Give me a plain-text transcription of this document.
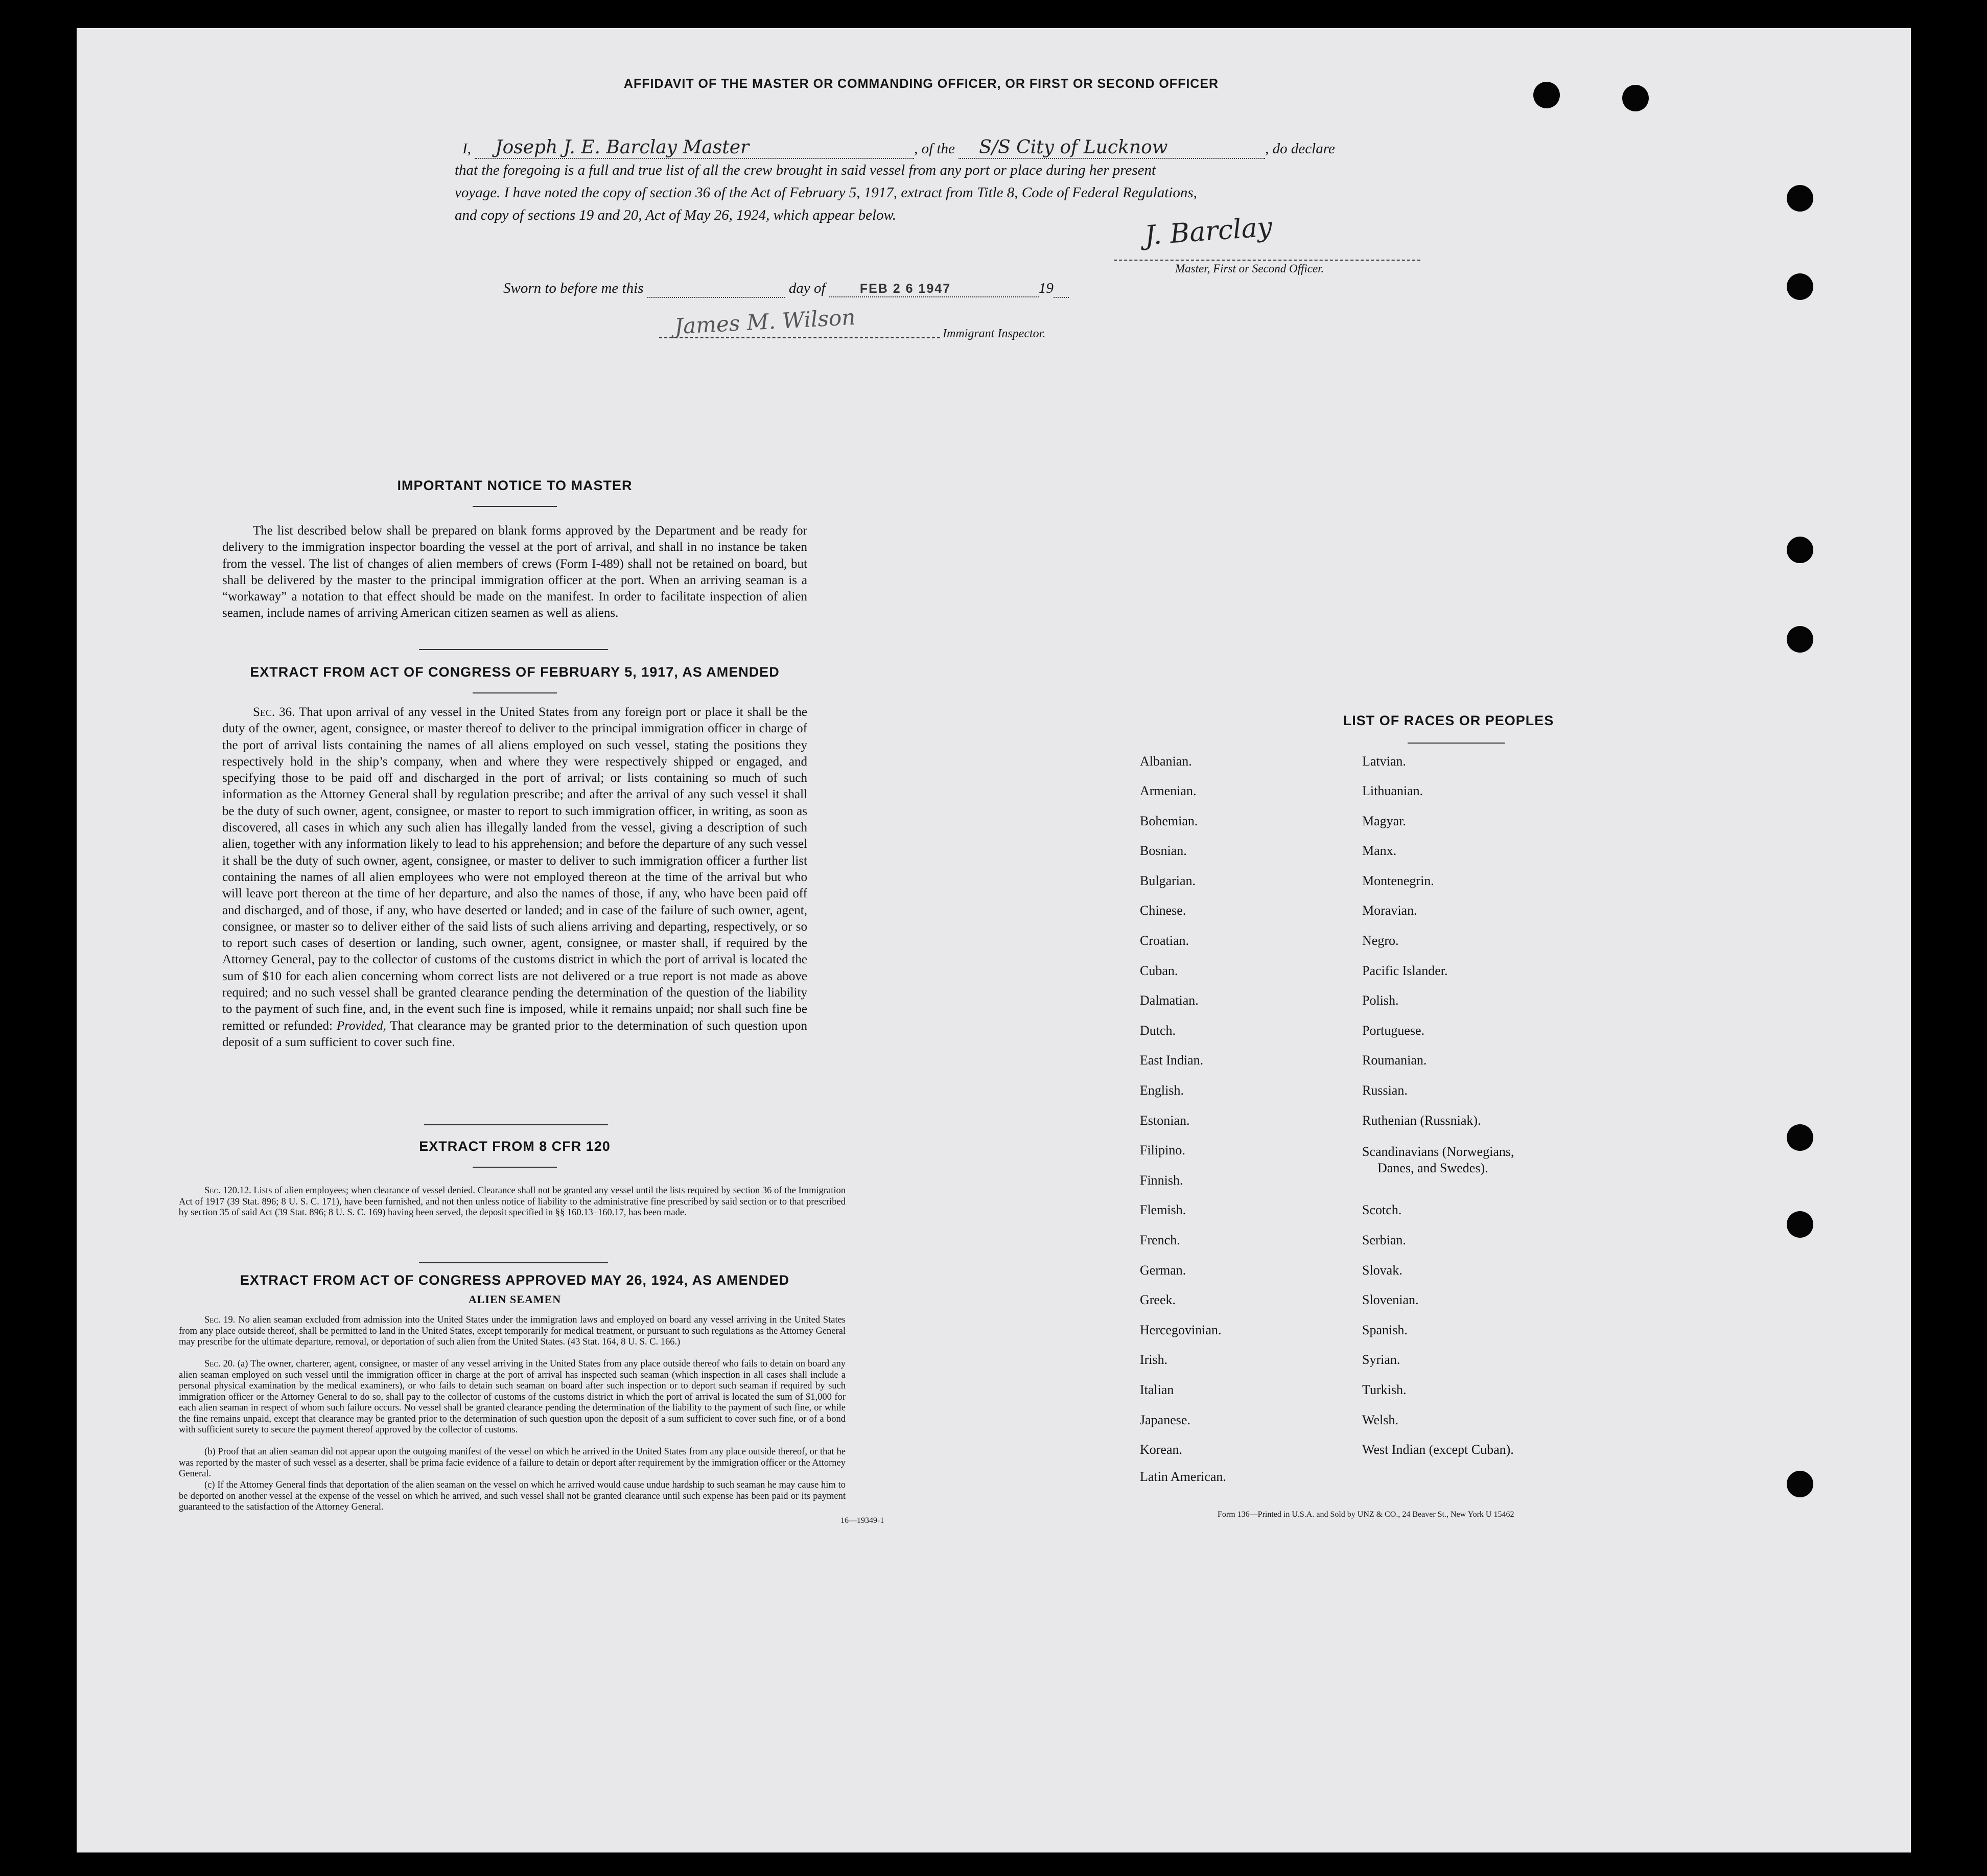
AFFIDAVIT OF THE MASTER OR COMMANDING OFFICER, OR FIRST OR SECOND OFFICER
I, Joseph J. E. Barclay Master	, of the S/S City of Lucknow	, do declare
that the foregoing is a full and true list of all the crew brought in said vessel from any port or place during her present
voyage. I have noted the copy of section 36 of the Act of February 5, 1917, extract from Title 8, Code of Federal Regulations,
and copy of sections 19 and 20, Act of May 26, 1924, which appear below.	J. Barclay
Master, First or Second Officer.
Sworn to before me this	day of	FEB 2 6 1947	19
James M. Wilson	Immigrant Inspector.
IMPORTANT NOTICE TO MASTER
The list described below shall be prepared on blank forms approved by the Department and be ready for delivery to the immigration inspector boarding the vessel at the port of arrival, and shall in no instance be taken from the vessel. The list of changes of alien members of crews (Form I-489) shall not be retained on board, but shall be delivered by the master to the principal immigration officer at the port. When an arriving seaman is a “workaway” a notation to that effect should be made on the manifest. In order to facilitate inspection of alien seamen, include names of arriving American citizen seamen as well as aliens.
EXTRACT FROM ACT OF CONGRESS OF FEBRUARY 5, 1917, AS AMENDED
Sec. 36. That upon arrival of any vessel in the United States from any foreign port or place it shall be the duty of the owner, agent, consignee, or master thereof to deliver to the principal immigration officer in charge of the port of arrival lists containing the names of all aliens employed on such vessel, stating the positions they respectively hold in the ship’s company, when and where they were respectively shipped or engaged, and specifying those to be paid off and discharged in the port of arrival; or lists containing so much of such information as the Attorney General shall by regulation prescribe; and after the arrival of any such vessel it shall be the duty of such owner, agent, consignee, or master to report to such immigration officer, in writing, as soon as discovered, all cases in which any such alien has illegally landed from the vessel, giving a description of such alien, together with any information likely to lead to his apprehension; and before the departure of any such vessel it shall be the duty of such owner, agent, consignee, or master to deliver to such immigration officer a further list containing the names of all alien employees who were not employed thereon at the time of the arrival but who will leave port thereon at the time of her departure, and also the names of those, if any, who have been paid off and discharged, and of those, if any, who have deserted or landed; and in case of the failure of such owner, agent, consignee, or master so to deliver either of the said lists of such aliens arriving and departing, respectively, or so to report such cases of desertion or landing, such owner, agent, consignee, or master shall, if required by the Attorney General, pay to the collector of customs of the customs district in which the port of arrival is located the sum of $10 for each alien concerning whom correct lists are not delivered or a true report is not made as above required; and no such vessel shall be granted clearance pending the determination of the question of the liability to the payment of such fine, and, in the event such fine is imposed, while it remains unpaid; nor shall such fine be remitted or refunded: Provided, That clearance may be granted prior to the determination of such question upon deposit of a sum sufficient to cover such fine.
EXTRACT FROM 8 CFR 120
Sec. 120.12. Lists of alien employees; when clearance of vessel denied. Clearance shall not be granted any vessel until the lists required by section 36 of the Immigration Act of 1917 (39 Stat. 896; 8 U. S. C. 171), have been furnished, and not then unless notice of liability to the administrative fine prescribed by said section or to that prescribed by section 35 of said Act (39 Stat. 896; 8 U. S. C. 169) having been served, the deposit specified in §§ 160.13–160.17, has been made.
EXTRACT FROM ACT OF CONGRESS APPROVED MAY 26, 1924, AS AMENDED
ALIEN SEAMEN
Sec. 19. No alien seaman excluded from admission into the United States under the immigration laws and employed on board any vessel arriving in the United States from any place outside thereof, shall be permitted to land in the United States, except temporarily for medical treatment, or pursuant to such regulations as the Attorney General may prescribe for the ultimate departure, removal, or deportation of such alien from the United States. (43 Stat. 164, 8 U. S. C. 166.)
Sec. 20. (a) The owner, charterer, agent, consignee, or master of any vessel arriving in the United States from any place outside thereof who fails to detain on board any alien seaman employed on such vessel until the immigration officer in charge at the port of arrival has inspected such seaman (which inspection in all cases shall include a personal physical examination by the medical examiners), or who fails to detain such seaman on board after such inspection or to deport such seaman if required by such immigration officer or the Attorney General to do so, shall pay to the collector of customs of the customs district in which the port of arrival is located the sum of $1,000 for each alien seaman in respect of whom such failure occurs. No vessel shall be granted clearance pending the determination of the liability to the payment of such fine, or while the fine remains unpaid, except that clearance may be granted prior to the determination of such question upon the deposit of a sum sufficient to cover such fine, or of a bond with sufficient surety to secure the payment thereof approved by the collector of customs.
(b) Proof that an alien seaman did not appear upon the outgoing manifest of the vessel on which he arrived in the United States from any place outside thereof, or that he was reported by the master of such vessel as a deserter, shall be prima facie evidence of a failure to detain or deport after requirement by the immigration officer or the Attorney General.
(c) If the Attorney General finds that deportation of the alien seaman on the vessel on which he arrived would cause undue hardship to such seaman he may cause him to be deported on another vessel at the expense of the vessel on which he arrived, and such vessel shall not be granted clearance until such expense has been paid or its payment guaranteed to the satisfaction of the Attorney General.
16—19349-1
LIST OF RACES OR PEOPLES
Albanian.
Armenian.
Bohemian.
Bosnian.
Bulgarian.
Chinese.
Croatian.
Cuban.
Dalmatian.
Dutch.
East Indian.
English.
Estonian.
Filipino.
Finnish.
Flemish.
French.
German.
Greek.
Hercegovinian.
Irish.
Italian
Japanese.
Korean.
Latin American.
Latvian.
Lithuanian.
Magyar.
Manx.
Montenegrin.
Moravian.
Negro.
Pacific Islander.
Polish.
Portuguese.
Roumanian.
Russian.
Ruthenian (Russniak).
Scandinavians (Norwegians,
Danes, and Swedes).
Scotch.
Serbian.
Slovak.
Slovenian.
Spanish.
Syrian.
Turkish.
Welsh.
West Indian (except Cuban).
Form 136—Printed in U.S.A. and Sold by UNZ & CO., 24 Beaver St., New York U 15462
